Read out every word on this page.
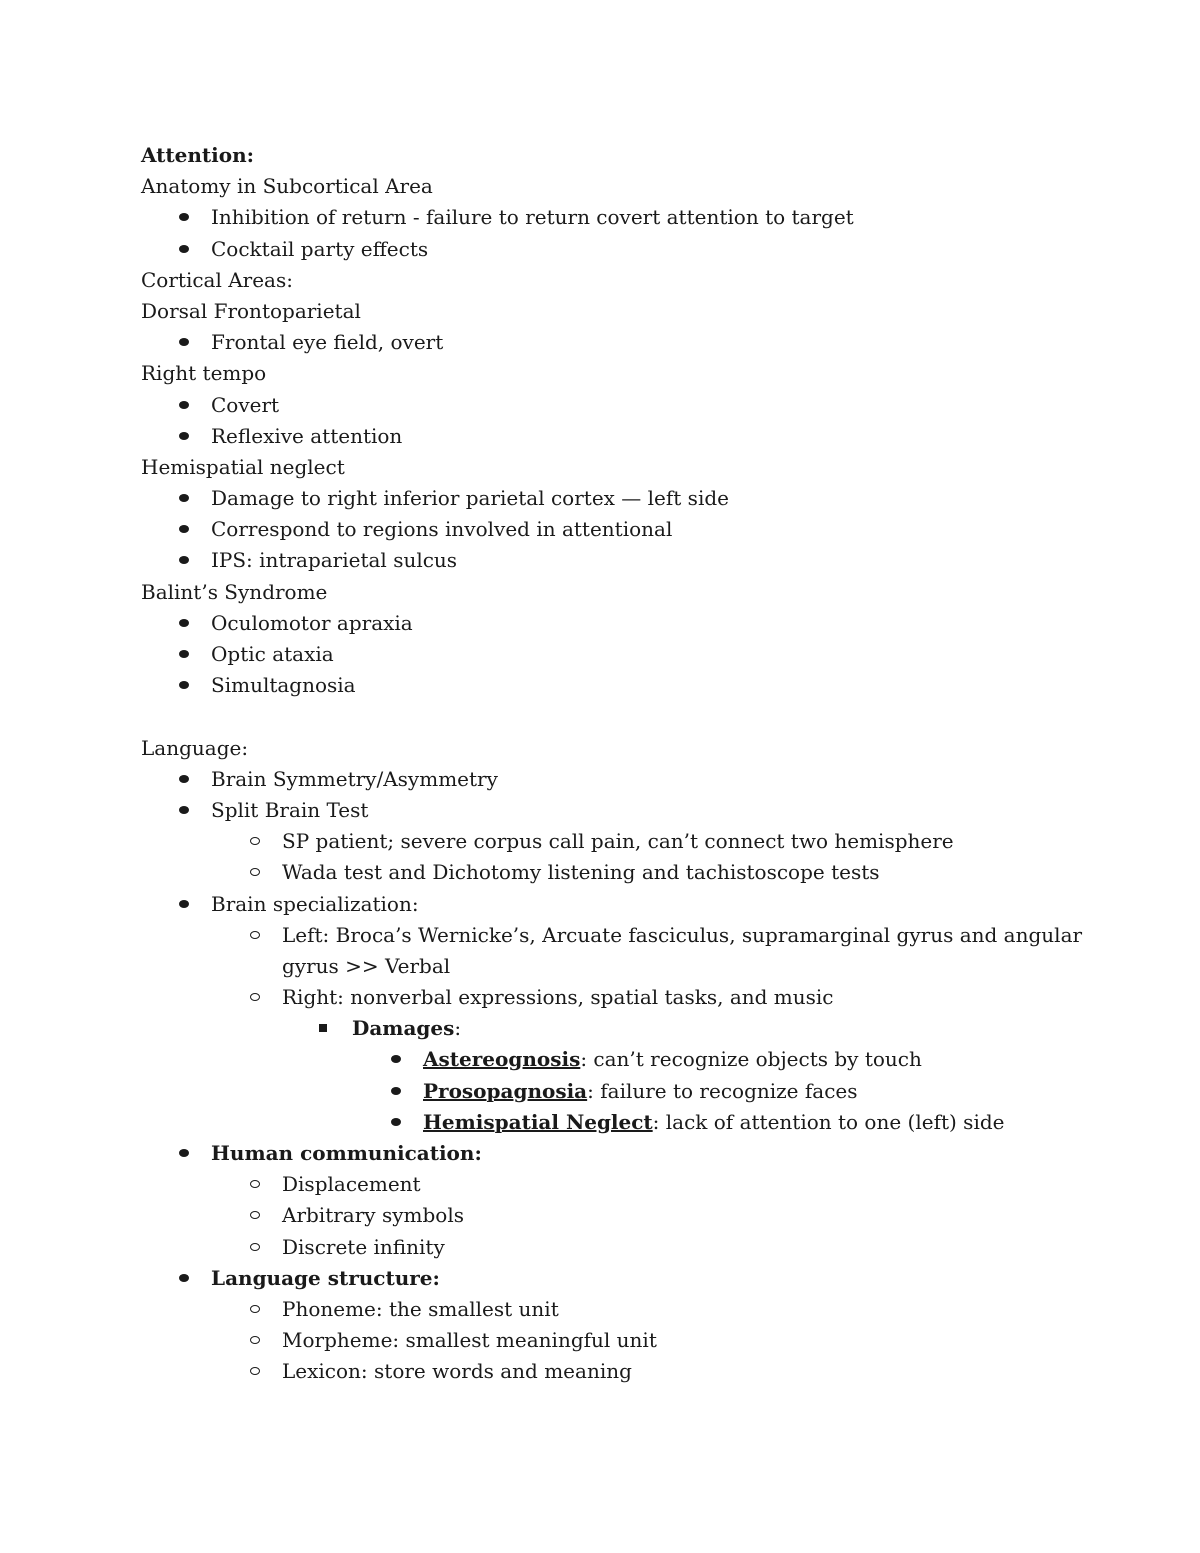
Attention:
Anatomy in Subcortical Area
Inhibition of return - failure to return covert attention to target
Cocktail party effects
Cortical Areas:
Dorsal Frontoparietal
Frontal eye field, overt
Right tempo
Covert
Reflexive attention
Hemispatial neglect
Damage to right inferior parietal cortex — left side
Correspond to regions involved in attentional
IPS: intraparietal sulcus
Balint’s Syndrome
Oculomotor apraxia
Optic ataxia
Simultagnosia
Language:
Brain Symmetry/Asymmetry
Split Brain Test
SP patient; severe corpus call pain, can’t connect two hemisphere
Wada test and Dichotomy listening and tachistoscope tests
Brain specialization:
Left: Broca’s Wernicke’s, Arcuate fasciculus, supramarginal gyrus and angular
gyrus >> Verbal
Right: nonverbal expressions, spatial tasks, and music
Damages:
Astereognosis: can’t recognize objects by touch
Prosopagnosia: failure to recognize faces
Hemispatial Neglect: lack of attention to one (left) side
Human communication:
Displacement
Arbitrary symbols
Discrete infinity
Language structure:
Phoneme: the smallest unit
Morpheme: smallest meaningful unit
Lexicon: store words and meaning
